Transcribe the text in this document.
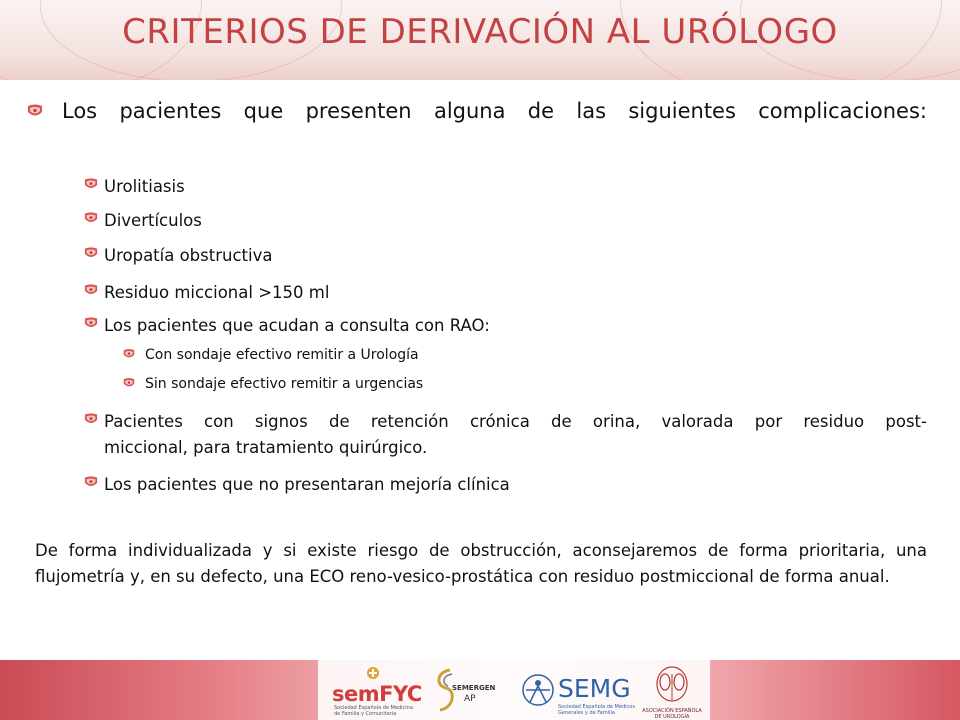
CRITERIOS DE DERIVACIÓN AL URÓLOGO
Los pacientes que presenten alguna de las siguientes complicaciones:
Urolitiasis
Divertículos
Uropatía obstructiva
Residuo miccional >150 ml
Los pacientes que acudan a consulta con RAO:
Con sondaje efectivo remitir a Urología
Sin sondaje efectivo remitir a urgencias
Pacientes con signos de retención crónica de orina, valorada por residuo post-
miccional, para tratamiento quirúrgico.
Los pacientes que no presentaran mejoría clínica
De forma individualizada y si existe riesgo de obstrucción, aconsejaremos de forma prioritaria, una flujometría y, en su defecto, una ECO reno-vesico-prostática con residuo postmiccional de forma anual.
semFYC
Sociedad Española de Medicina de Familia y Comunitaria
SEMERGEN
AP	SEMG
Sociedad Española de Médicos Generales y de Familia	ASOCIACIÓN ESPAÑOLA DE UROLOGÍA
